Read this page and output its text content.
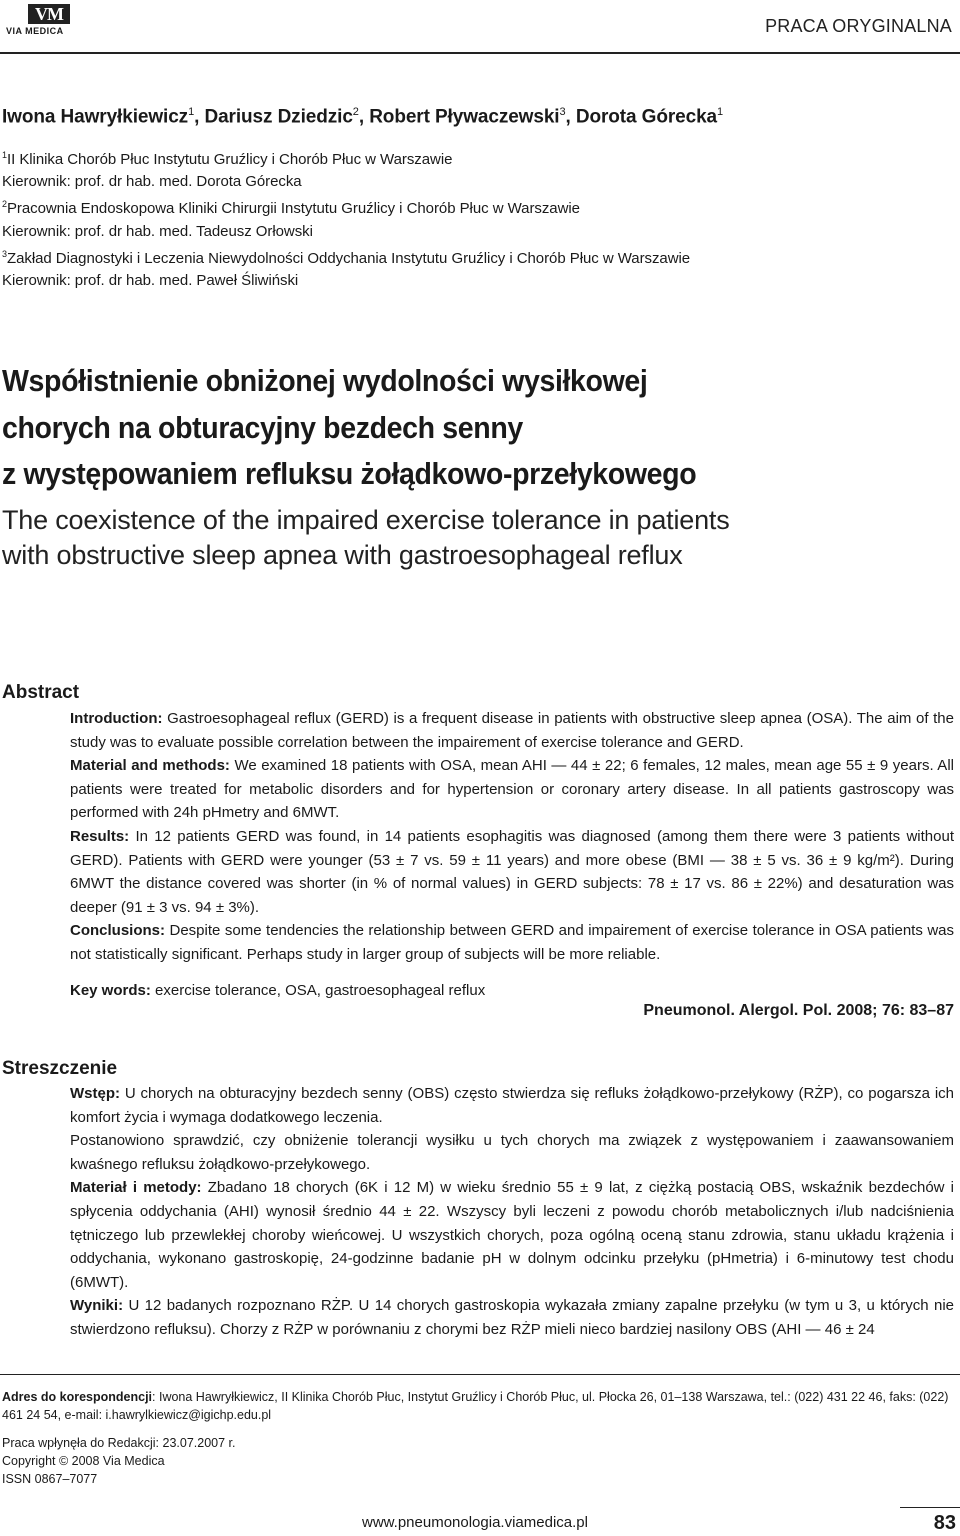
VM
VIA MEDICA	PRACA ORYGINALNA
Iwona Hawryłkiewicz$^1$, Dariusz Dziedzic$^2$, Robert Pływaczewski$^3$, Dorota Górecka$^1$
$^1$II Klinika Chorób Płuc Instytutu Gruźlicy i Chorób Płuc w Warszawie
Kierownik: prof. dr hab. med. Dorota Górecka
$^2$Pracownia Endoskopowa Kliniki Chirurgii Instytutu Gruźlicy i Chorób Płuc w Warszawie
Kierownik: prof. dr hab. med. Tadeusz Orłowski
$^3$Zakład Diagnostyki i Leczenia Niewydolności Oddychania Instytutu Gruźlicy i Chorób Płuc w Warszawie
Kierownik: prof. dr hab. med. Paweł Śliwiński
Współistnienie obniżonej wydolności wysiłkowej
chorych na obturacyjny bezdech senny
z występowaniem refluksu żołądkowo-przełykowego
The coexistence of the impaired exercise tolerance in patients
with obstructive sleep apnea with gastroesophageal reflux
Abstract

Introduction: Gastroesophageal reflux (GERD) is a frequent disease in patients with obstructive sleep apnea (OSA). The aim of the study was to evaluate possible correlation between the impairement of exercise tolerance and GERD.

Material and methods: We examined 18 patients with OSA, mean AHI — 44 ± 22; 6 females, 12 males, mean age 55 ± 9 years. All patients were treated for metabolic disorders and for hypertension or coronary artery disease. In all patients gastroscopy was performed with 24h pHmetry and 6MWT.

Results: In 12 patients GERD was found, in 14 patients esophagitis was diagnosed (among them there were 3 patients without GERD). Patients with GERD were younger (53 ± 7 vs. 59 ± 11 years) and more obese (BMI — 38 ± 5 vs. 36 ± 9 kg/m²). During 6MWT the distance covered was shorter (in % of normal values) in GERD subjects: 78 ± 17 vs. 86 ± 22%) and desaturation was deeper (91 ± 3 vs. 94 ± 3%).

Conclusions: Despite some tendencies the relationship between GERD and impairement of exercise tolerance in OSA patients was not statistically significant. Perhaps study in larger group of subjects will be more reliable.

Key words: exercise tolerance, OSA, gastroesophageal reflux
Pneumonol. Alergol. Pol. 2008; 76: 83–87
Streszczenie

Wstęp: U chorych na obturacyjny bezdech senny (OBS) często stwierdza się refluks żołądkowo-przełykowy (RŻP), co pogarsza ich komfort życia i wymaga dodatkowego leczenia.

Postanowiono sprawdzić, czy obniżenie tolerancji wysiłku u tych chorych ma związek z występowaniem i zaawansowaniem kwaśnego refluksu żołądkowo-przełykowego.

Materiał i metody: Zbadano 18 chorych (6K i 12 M) w wieku średnio 55 ± 9 lat, z ciężką postacią OBS, wskaźnik bezdechów i spłycenia oddychania (AHI) wynosił średnio 44 ± 22. Wszyscy byli leczeni z powodu chorób metabolicznych i/lub nadciśnienia tętniczego lub przewlekłej choroby wieńcowej. U wszystkich chorych, poza ogólną oceną stanu zdrowia, stanu układu krążenia i oddychania, wykonano gastroskopię, 24-godzinne badanie pH w dolnym odcinku przełyku (pHmetria) i 6-minutowy test chodu (6MWT).

Wyniki: U 12 badanych rozpoznano RŻP. U 14 chorych gastroskopia wykazała zmiany zapalne przełyku (w tym u 3, u których nie stwierdzono refluksu). Chorzy z RŻP w porównaniu z chorymi bez RŻP mieli nieco bardziej nasilony OBS (AHI — 46 ± 24

Adres do korespondencji: Iwona Hawryłkiewicz, II Klinika Chorób Płuc, Instytut Gruźlicy i Chorób Płuc, ul. Płocka 26, 01–138 Warszawa, tel.: (022) 431 22 46, faks: (022) 461 24 54, e-mail: i.hawrylkiewicz@igichp.edu.pl
Praca wpłynęła do Redakcji: 23.07.2007 r.
Copyright © 2008 Via Medica
ISSN 0867–7077
www.pneumonologia.viamedica.pl	83
